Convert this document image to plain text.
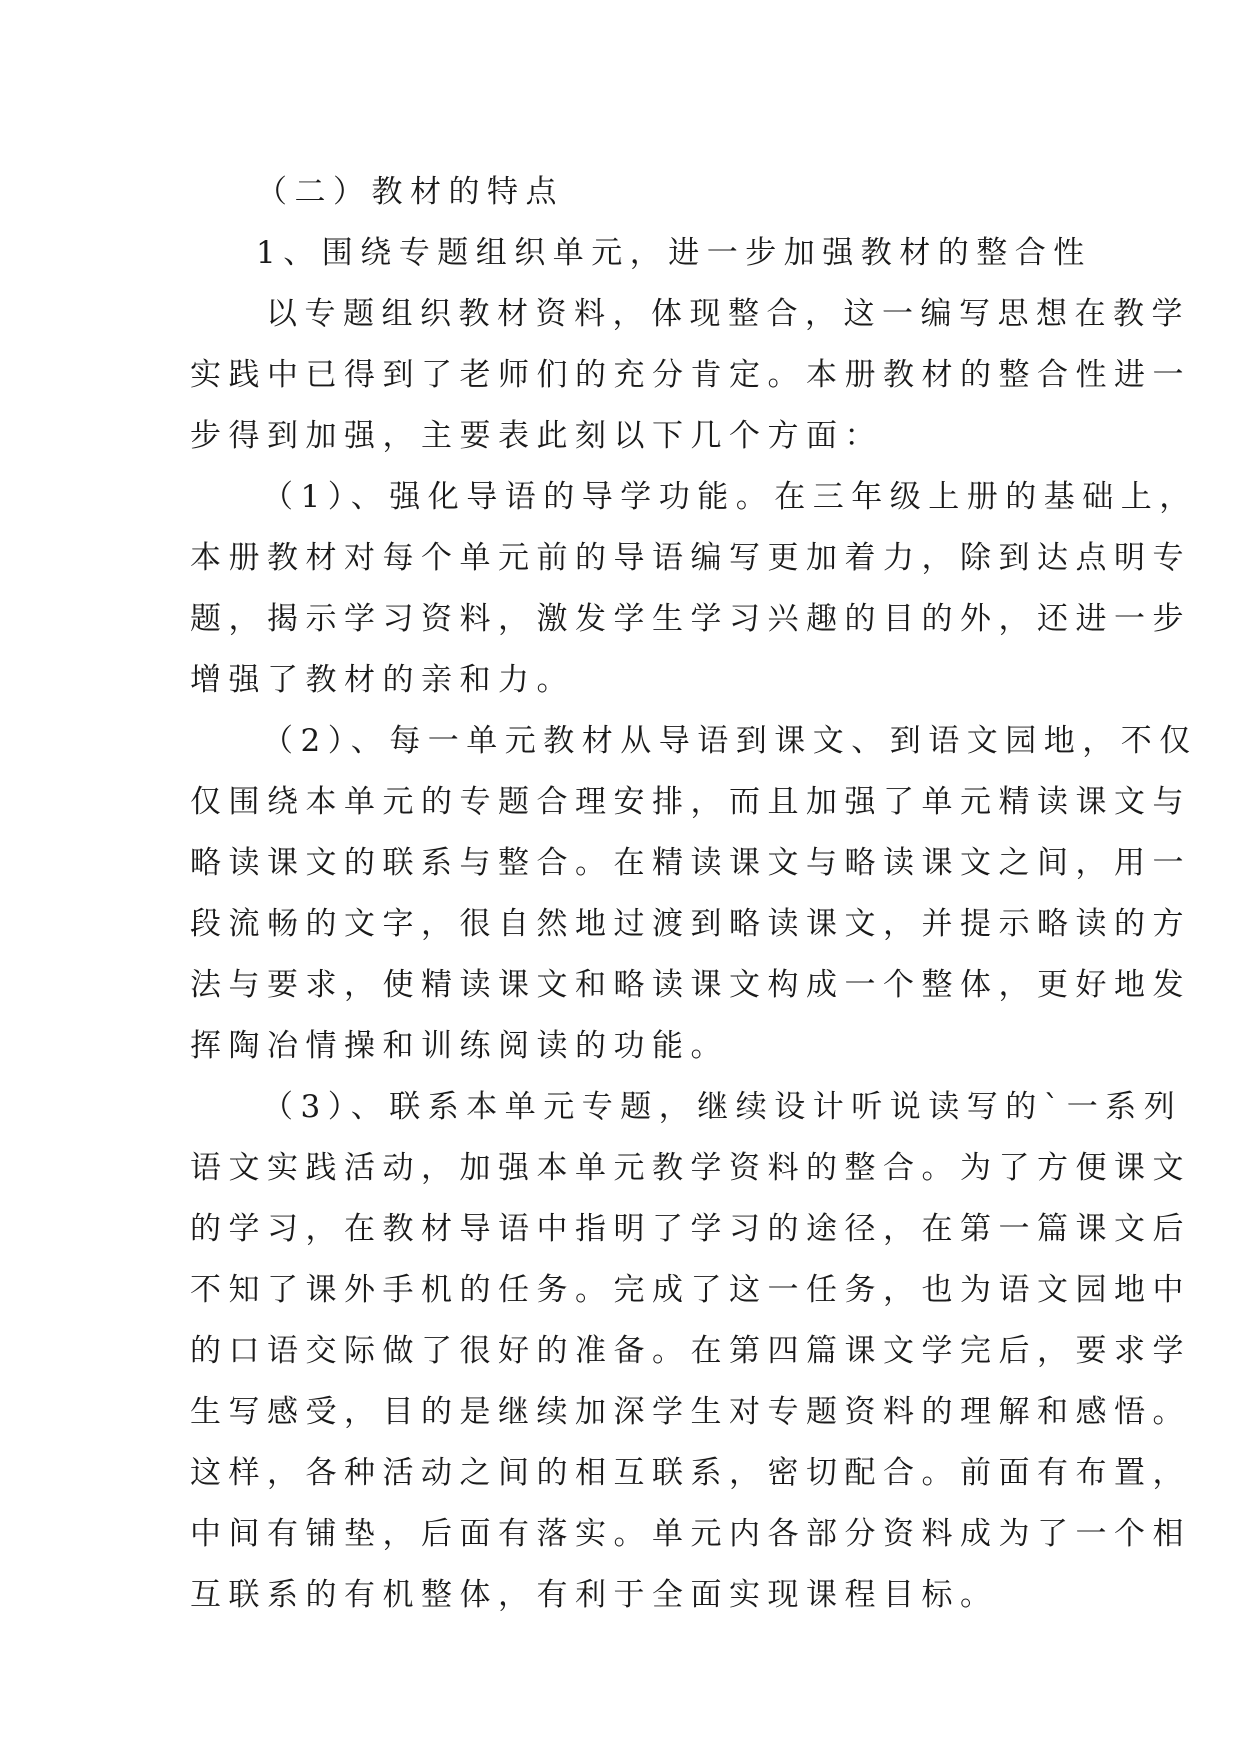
（二）教材的特点
1、围绕专题组织单元，进一步加强教材的整合性
以专题组织教材资料，体现整合，这一编写思想在教学
实践中已得到了老师们的充分肯定。本册教材的整合性进一
步得到加强，主要表此刻以下几个方面：
（1）、强化导语的导学功能。在三年级上册的基础上，
本册教材对每个单元前的导语编写更加着力，除到达点明专
题，揭示学习资料，激发学生学习兴趣的目的外，还进一步
增强了教材的亲和力。
（2）、每一单元教材从导语到课文、到语文园地，不仅
仅围绕本单元的专题合理安排，而且加强了单元精读课文与
略读课文的联系与整合。在精读课文与略读课文之间，用一
段流畅的文字，很自然地过渡到略读课文，并提示略读的方
法与要求，使精读课文和略读课文构成一个整体，更好地发
挥陶冶情操和训练阅读的功能。
（3）、联系本单元专题，继续设计听说读写的`一系列
语文实践活动，加强本单元教学资料的整合。为了方便课文
的学习，在教材导语中指明了学习的途径，在第一篇课文后
不知了课外手机的任务。完成了这一任务，也为语文园地中
的口语交际做了很好的准备。在第四篇课文学完后，要求学
生写感受，目的是继续加深学生对专题资料的理解和感悟。
这样，各种活动之间的相互联系，密切配合。前面有布置，
中间有铺垫，后面有落实。单元内各部分资料成为了一个相
互联系的有机整体，有利于全面实现课程目标。
